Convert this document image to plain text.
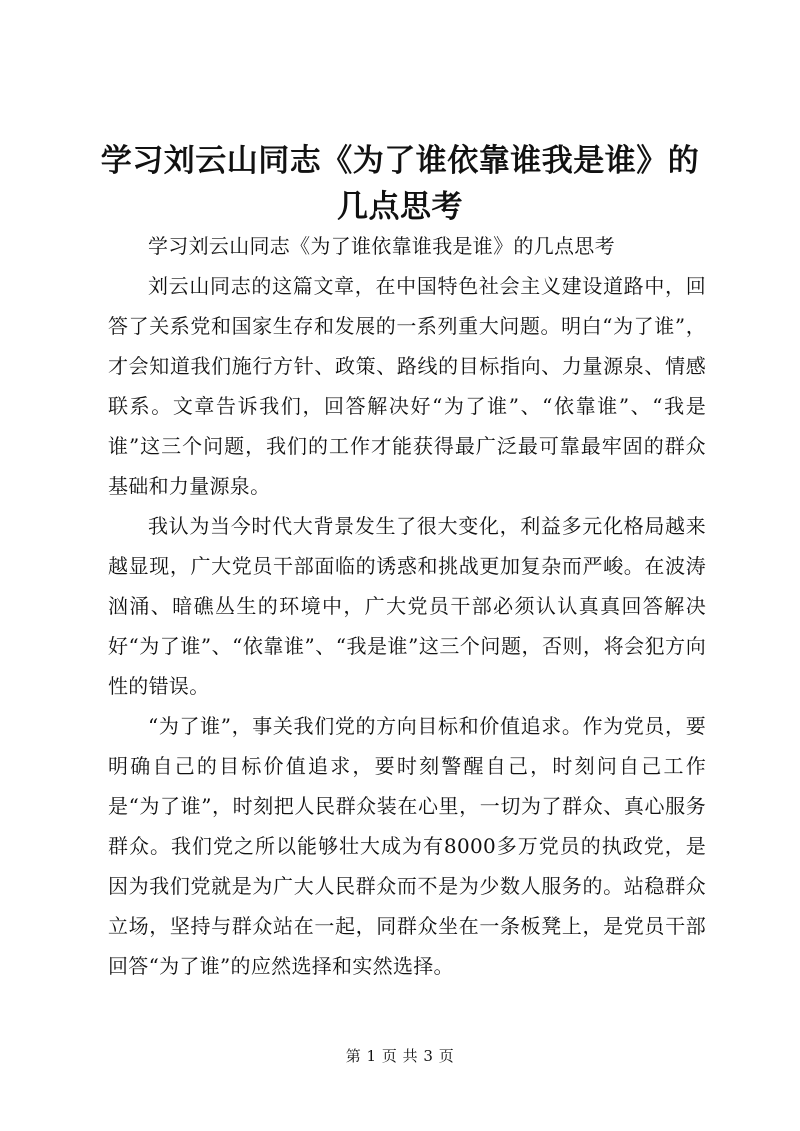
学习刘云山同志《为了谁依靠谁我是谁》的几点思考

学习刘云山同志《为了谁依靠谁我是谁》的几点思考

刘云山同志的这篇文章，在中国特色社会主义建设道路中，回答了关系党和国家生存和发展的一系列重大问题。明白“为了谁”，才会知道我们施行方针、政策、路线的目标指向、力量源泉、情感联系。文章告诉我们，回答解决好“为了谁”、“依靠谁”、“我是谁”这三个问题，我们的工作才能获得最广泛最可靠最牢固的群众基础和力量源泉。

我认为当今时代大背景发生了很大变化，利益多元化格局越来越显现，广大党员干部面临的诱惑和挑战更加复杂而严峻。在波涛汹涌、暗礁丛生的环境中，广大党员干部必须认认真真回答解决好“为了谁”、“依靠谁”、“我是谁”这三个问题，否则，将会犯方向性的错误。

“为了谁”，事关我们党的方向目标和价值追求。作为党员，要明确自己的目标价值追求，要时刻警醒自己，时刻问自己工作是“为了谁”，时刻把人民群众装在心里，一切为了群众、真心服务群众。我们党之所以能够壮大成为有8000多万党员的执政党，是因为我们党就是为广大人民群众而不是为少数人服务的。站稳群众立场，坚持与群众站在一起，同群众坐在一条板凳上，是党员干部回答“为了谁”的应然选择和实然选择。

第 1 页 共 3 页
